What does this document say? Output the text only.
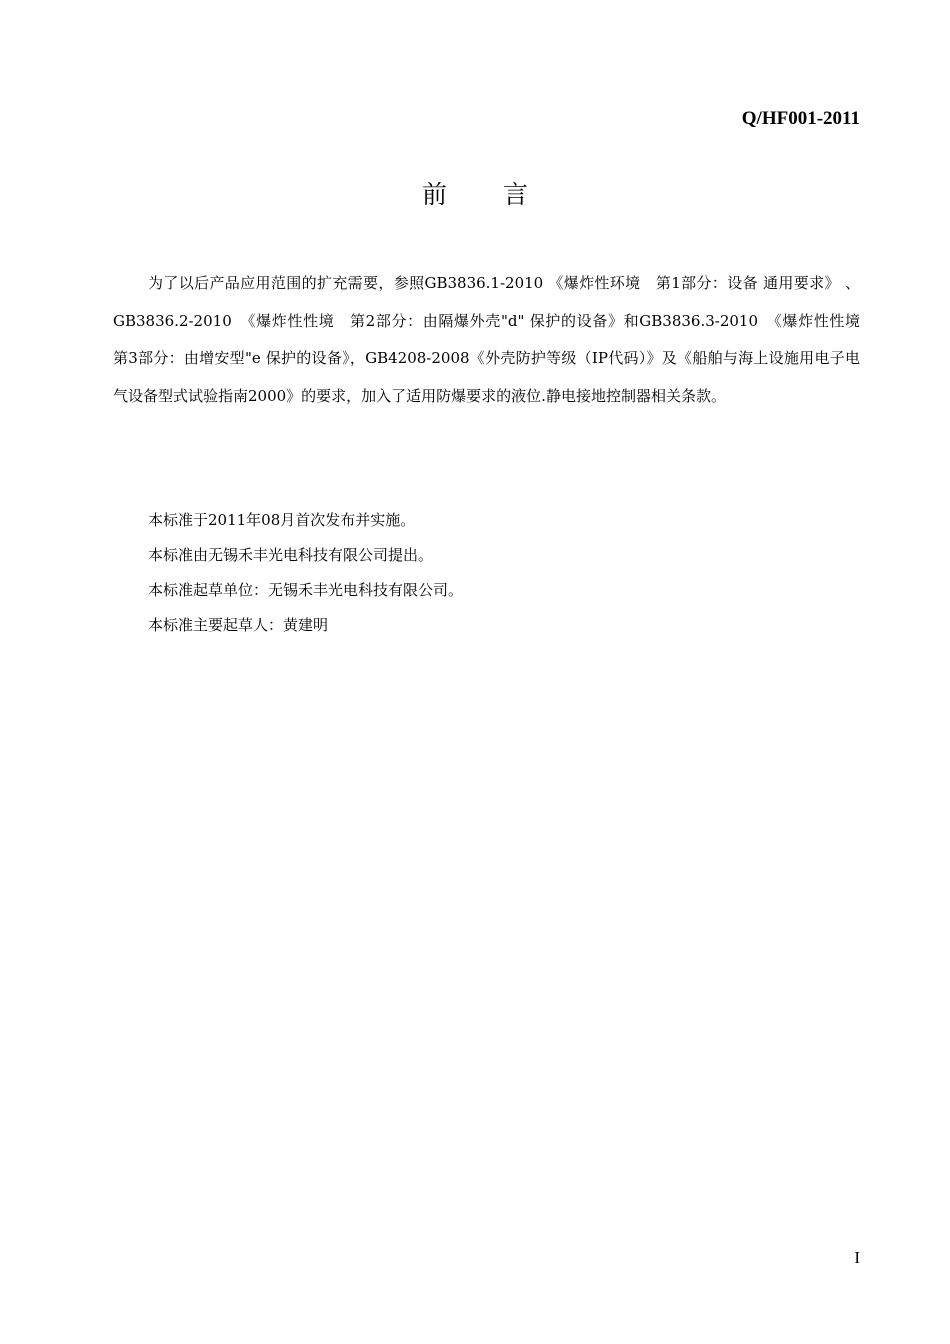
Q/HF001-2011
前言

为了以后产品应用范围的扩充需要，参照GB3836.1-2010 《爆炸性环境　第1部分：设备 通用要求》 、GB3836.2-2010　《爆炸性性境　第2部分：由隔爆外壳"d" 保护的设备》和GB3836.3-2010　《爆炸性性境　第3部分：由增安型"e 保护的设备》，GB4208-2008《外壳防护等级（IP代码）》及《船舶与海上设施用电子电气设备型式试验指南2000》的要求，加入了适用防爆要求的液位.静电接地控制器相关条款。

本标准于2011年08月首次发布并实施。
本标准由无锡禾丰光电科技有限公司提出。
本标准起草单位：无锡禾丰光电科技有限公司。
本标准主要起草人：黄建明
I
